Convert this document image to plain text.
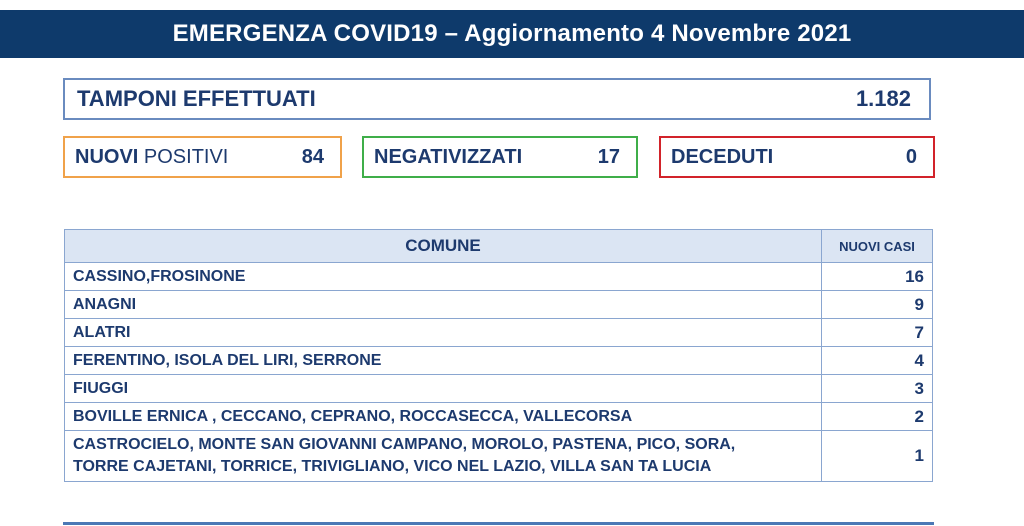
EMERGENZA COVID19 – Aggiornamento 4 Novembre 2021
TAMPONI EFFETTUATI	1.182
NUOVI POSITIVI	84	NEGATIVIZZATI	17	DECEDUTI	0
COMUNE	NUOVI CASI
CASSINO,FROSINONE	16
ANAGNI	9
ALATRI	7
FERENTINO, ISOLA DEL LIRI, SERRONE	4
FIUGGI	3
BOVILLE ERNICA , CECCANO, CEPRANO, ROCCASECCA, VALLECORSA	2

CASTROCIELO, MONTE SAN GIOVANNI CAMPANO, MOROLO, PASTENA, PICO, SORA,
TORRE CAJETANI, TORRICE, TRIVIGLIANO, VICO NEL LAZIO, VILLA SAN TA LUCIA	1
